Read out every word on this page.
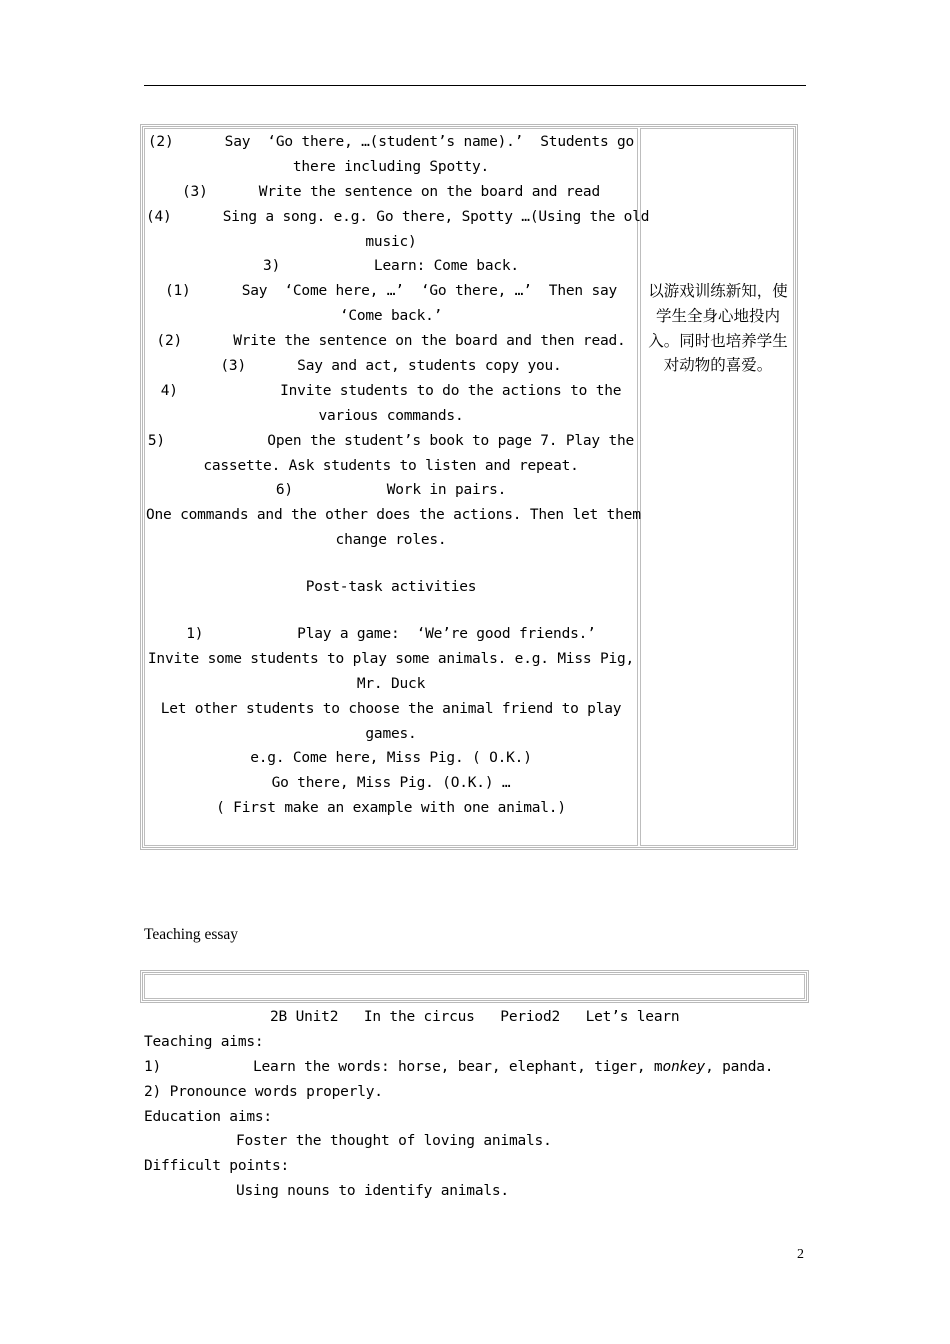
(2)      Say  ‘Go there, …(student’s name).’  Students go
there including Spotty.
(3)      Write the sentence on the board and read
(4)      Sing a song. e.g. Go there, Spotty …(Using the old
music)
3)           Learn: Come back.
(1)      Say  ‘Come here, …’  ‘Go there, …’  Then say
‘Come back.’
(2)      Write the sentence on the board and then read.
(3)      Say and act, students copy you.
4)            Invite students to do the actions to the
various commands.
5)            Open the student’s book to page 7. Play the
cassette. Ask students to listen and repeat.
6)           Work in pairs.
One commands and the other does the actions. Then let them
change roles.
Post-task activities
1)           Play a game:  ‘We’re good friends.’
Invite some students to play some animals. e.g. Miss Pig,
Mr. Duck
Let other students to choose the animal friend to play
games.
e.g. Come here, Miss Pig. ( O.K.)
Go there, Miss Pig. (O.K.) …
( First make an example with one animal.)
以游戏训练新知，使
学生全身心地投内
入。同时也培养学生
对动物的喜爱。
Teaching essay
2B Unit2   In the circus   Period2   Let’s learn
Teaching aims:
1)	Learn the words: horse, bear, elephant, tiger, monkey, panda.
2) Pronounce words properly.
Education aims:
Foster the thought of loving animals.
Difficult points:
Using nouns to identify animals.
2
